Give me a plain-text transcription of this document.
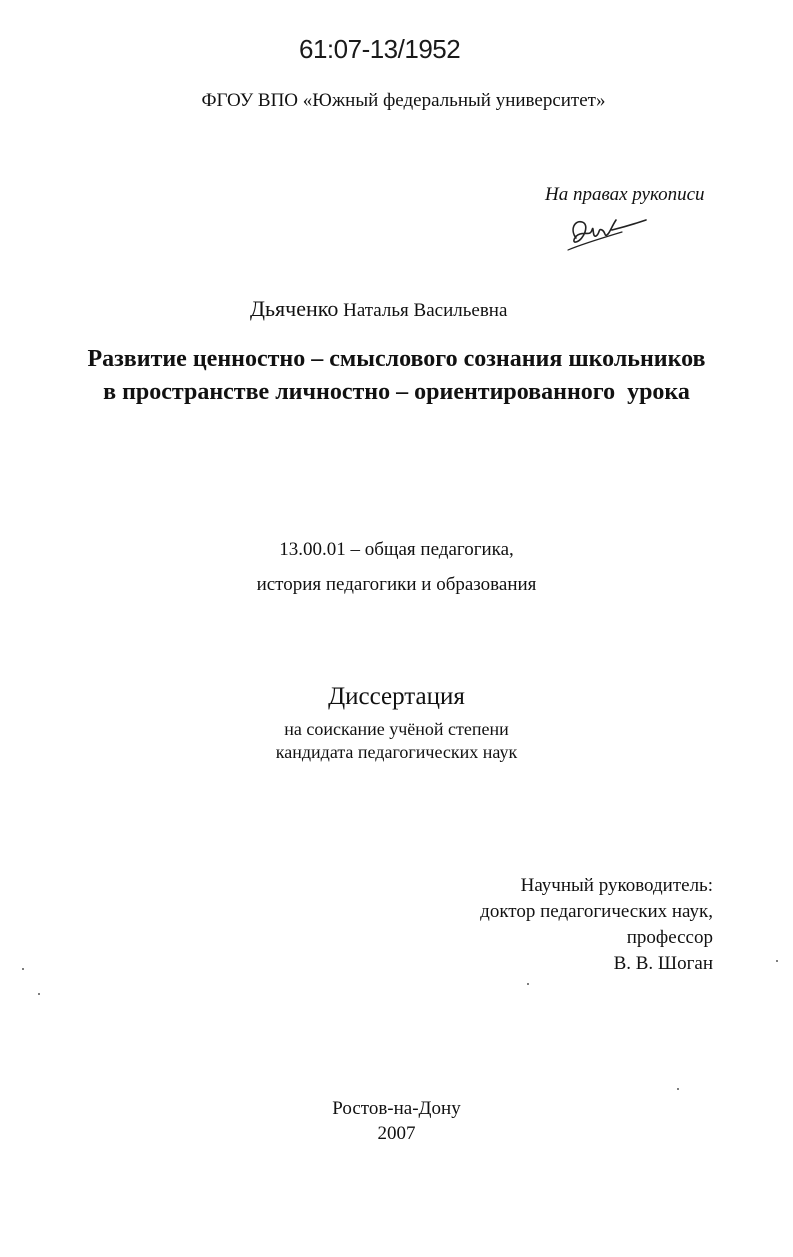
61:07-13/1952
ФГОУ ВПО «Южный федеральный университет»
На правах рукописи
Дьяченко Наталья Васильевна
Развитие ценностно – смыслового сознания школьников
в пространстве личностно – ориентированного  урока
13.00.01 – общая педагогика,
история педагогики и образования
Диссертация
на соискание учёной степени
кандидата педагогических наук
Научный руководитель:
доктор педагогических наук,
профессор
В. В. Шоган
Ростов-на-Дону
2007
